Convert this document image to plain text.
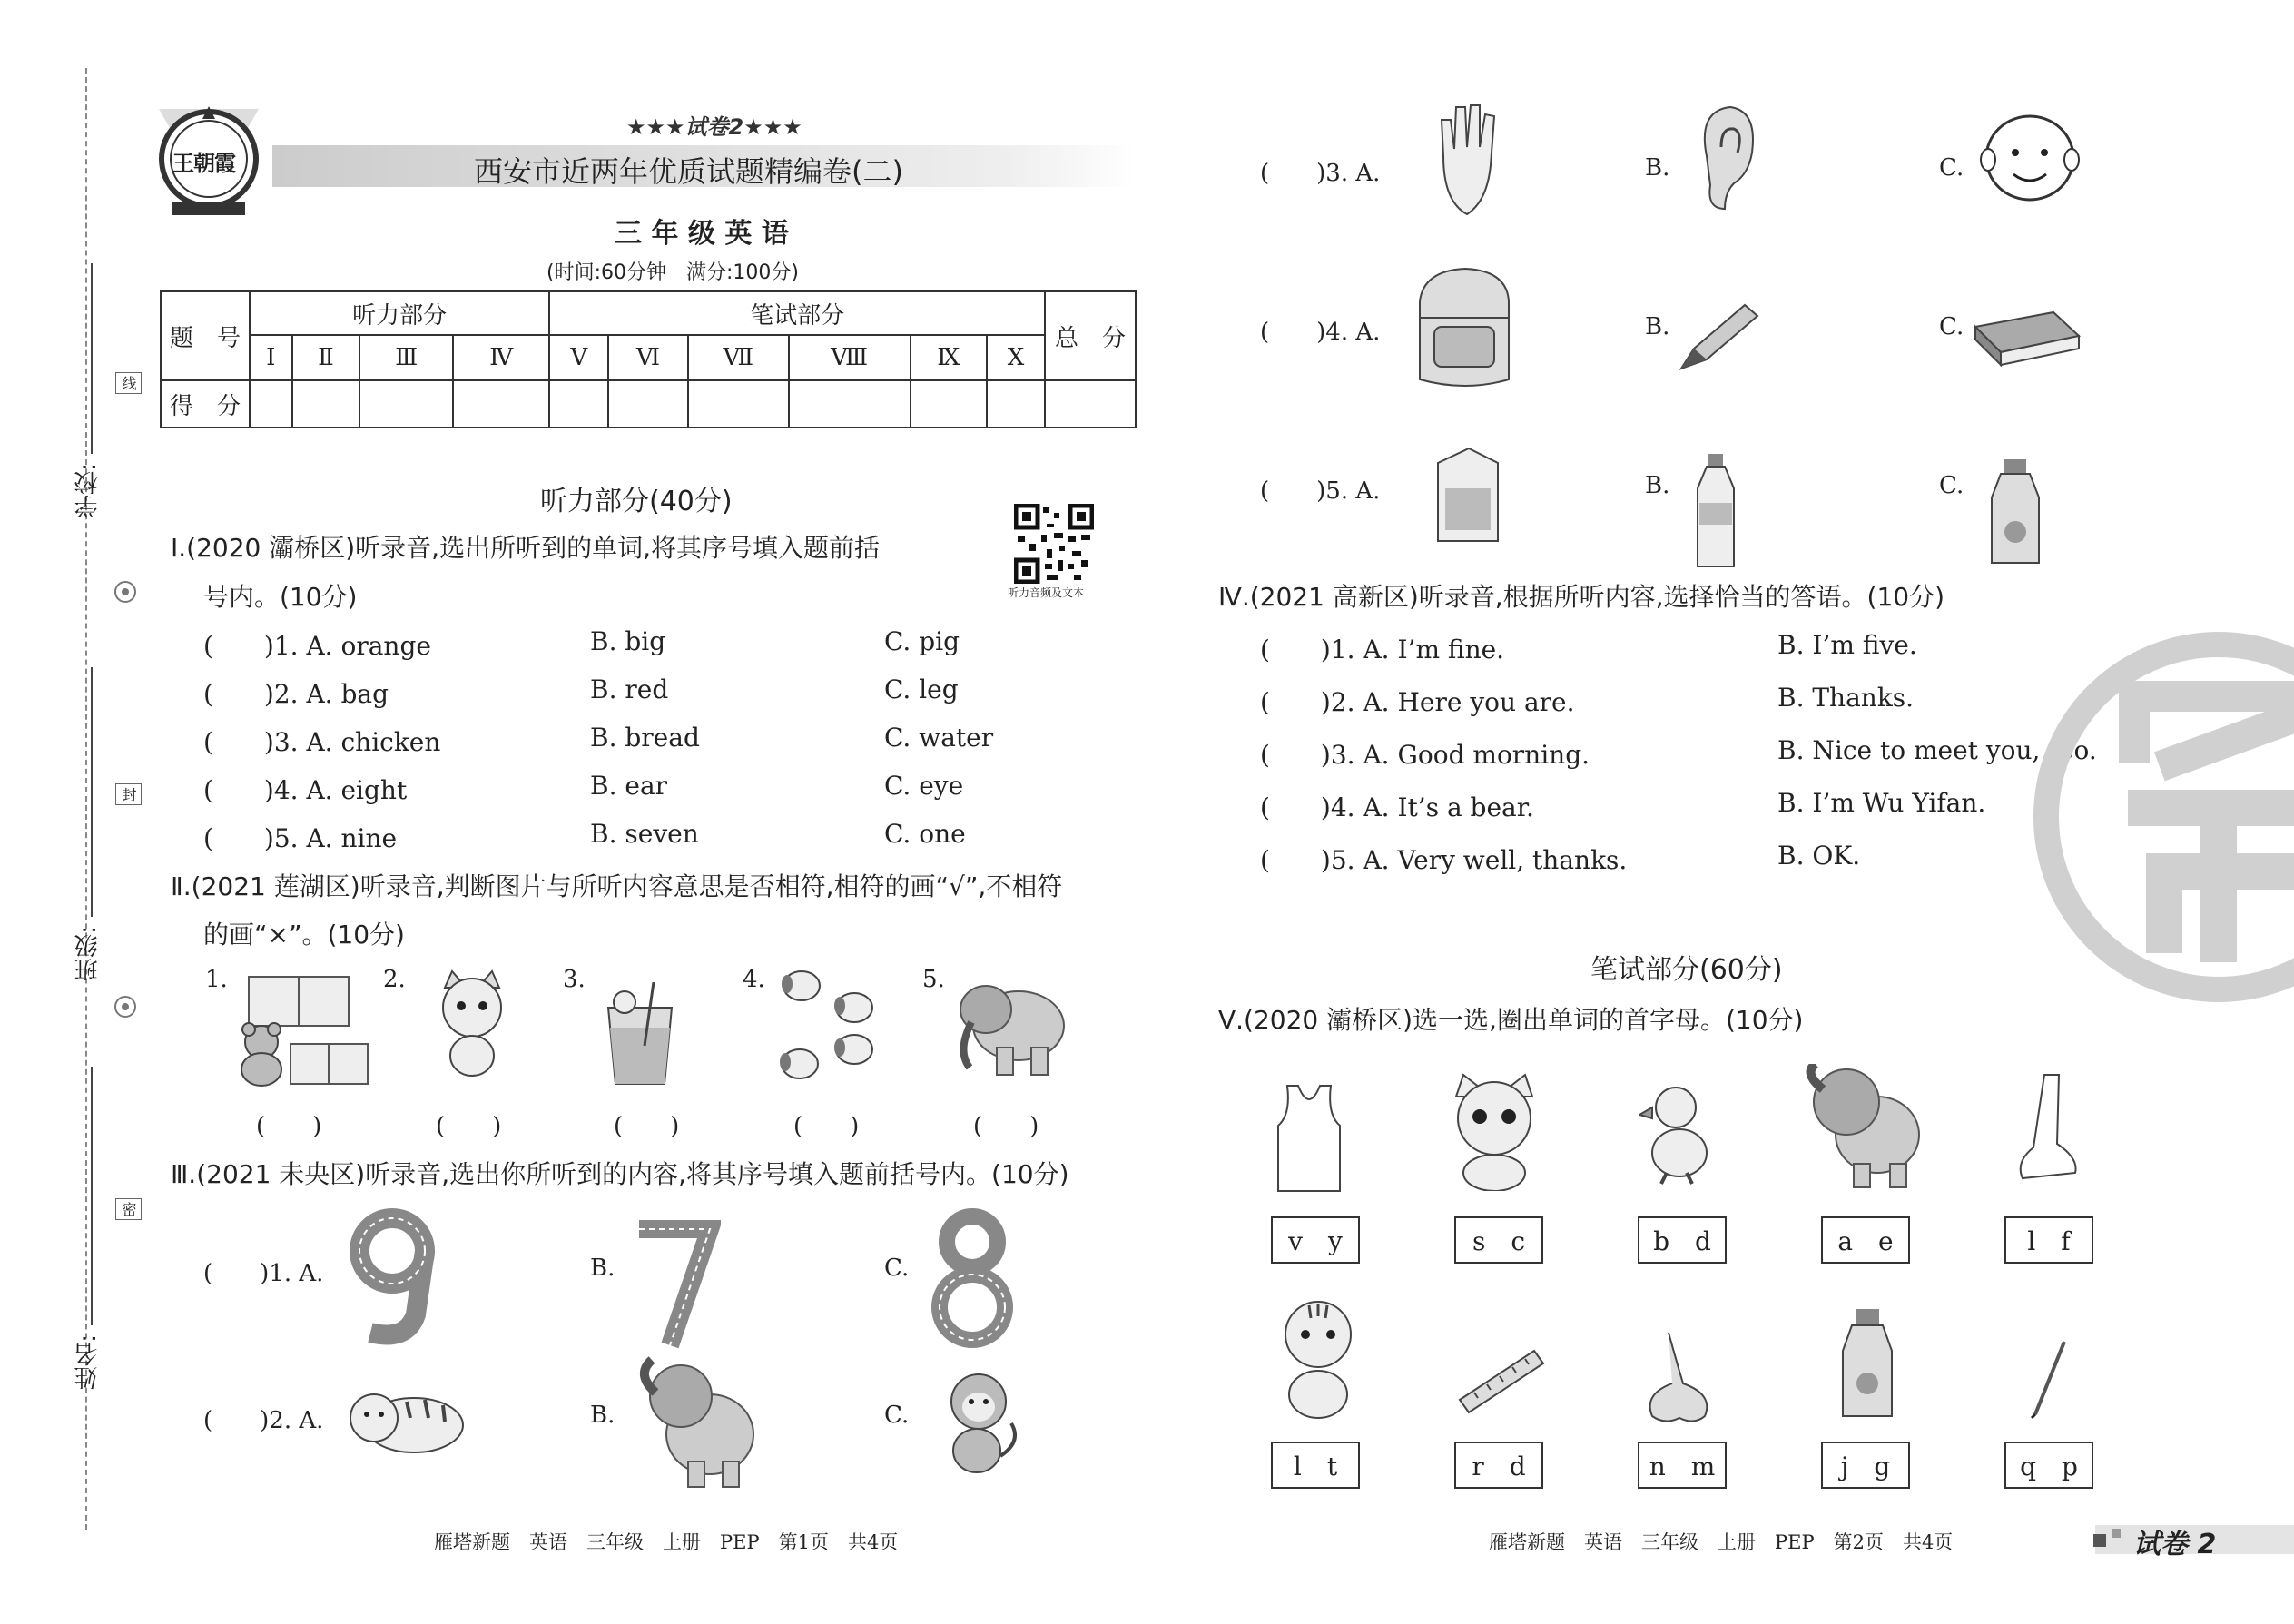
学校:
班级:
姓名:
线
封
密
王朝霞
★★★试卷2★★★
西安市近两年优质试题精编卷(二)
三 年 级 英 语
(时间:60分钟　满分:100分)
题　号	听力部分				笔试部分						总　分
	Ⅰ	Ⅱ	Ⅲ	Ⅳ	Ⅴ	Ⅵ	Ⅶ	Ⅷ	Ⅸ	Ⅹ	
得　分											
听力部分(40分)
听力音频及文本
Ⅰ.(2020 灞桥区)听录音,选出所听到的单词,将其序号填入题前括
号内。(10分)
(　　)1. A. orange	B. big	C. pig
(　　)2. A. bag	B. red	C. leg
(　　)3. A. chicken	B. bread	C. water
(　　)4. A. eight	B. ear	C. eye
(　　)5. A. nine	B. seven	C. one
Ⅱ.(2021 莲湖区)听录音,判断图片与所听内容意思是否相符,相符的画“√”,不相符
的画“×”。(10分)
1.	2.	3.	4.	5.
(　　)	(　　)	(　　)	(　　)	(　　)
Ⅲ.(2021 未央区)听录音,选出你所听到的内容,将其序号填入题前括号内。(10分)
(　　)1. A.	B.	C.
(　　)2. A.	B.	C.
(　　)3. A.	B.	C.
(　　)4. A.	B.	C.
(　　)5. A.	B.	C.
Ⅳ.(2021 高新区)听录音,根据所听内容,选择恰当的答语。(10分)
(　　)1. A. I’m fine.	B. I’m five.
(　　)2. A. Here you are.	B. Thanks.
(　　)3. A. Good morning.	B. Nice to meet you, too.
(　　)4. A. It’s a bear.	B. I’m Wu Yifan.
(　　)5. A. Very well, thanks.	B. OK.
笔试部分(60分)
Ⅴ.(2020 灞桥区)选一选,圈出单词的首字母。(10分)
v　y	s　c	b　d	a　e	l　f
l　t	r　d	n　m	j　g	q　p
雁塔新题　英语　三年级　上册　PEP　第1页　共4页	雁塔新题　英语　三年级　上册　PEP　第2页　共4页	试卷 2
